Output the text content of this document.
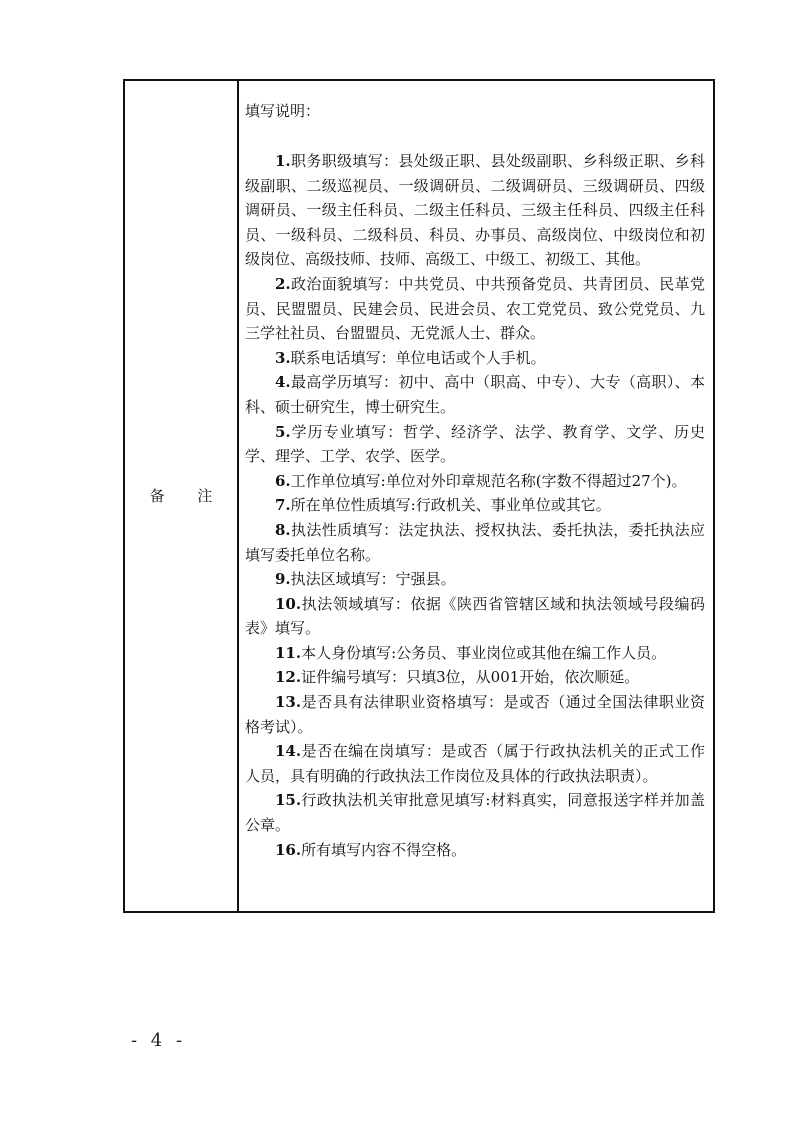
备 注

填写说明：

1.职务职级填写：县处级正职、县处级副职、乡科级正职、乡科级副职、二级巡视员、一级调研员、二级调研员、三级调研员、四级调研员、一级主任科员、二级主任科员、三级主任科员、四级主任科员、一级科员、二级科员、科员、办事员、高级岗位、中级岗位和初级岗位、高级技师、技师、高级工、中级工、初级工、其他。

2.政治面貌填写：中共党员、中共预备党员、共青团员、民革党员、民盟盟员、民建会员、民进会员、农工党党员、致公党党员、九三学社社员、台盟盟员、无党派人士、群众。

3.联系电话填写：单位电话或个人手机。

4.最高学历填写：初中、高中（职高、中专）、大专（高职）、本科、硕士研究生，博士研究生。

5.学历专业填写：哲学、经济学、法学、教育学、文学、历史学、理学、工学、农学、医学。

6.工作单位填写:单位对外印章规范名称(字数不得超过27个)。

7.所在单位性质填写:行政机关、事业单位或其它。

8.执法性质填写：法定执法、授权执法、委托执法，委托执法应填写委托单位名称。

9.执法区域填写：宁强县。

10.执法领域填写：依据《陕西省管辖区域和执法领域号段编码表》填写。

11.本人身份填写:公务员、事业岗位或其他在编工作人员。

12.证件编号填写：只填3位，从001开始，依次顺延。

13.是否具有法律职业资格填写：是或否（通过全国法律职业资格考试）。

14.是否在编在岗填写：是或否（属于行政执法机关的正式工作人员，具有明确的行政执法工作岗位及具体的行政执法职责）。

15.行政执法机关审批意见填写:材料真实，同意报送字样并加盖公章。

16.所有填写内容不得空格。

- 4 -
